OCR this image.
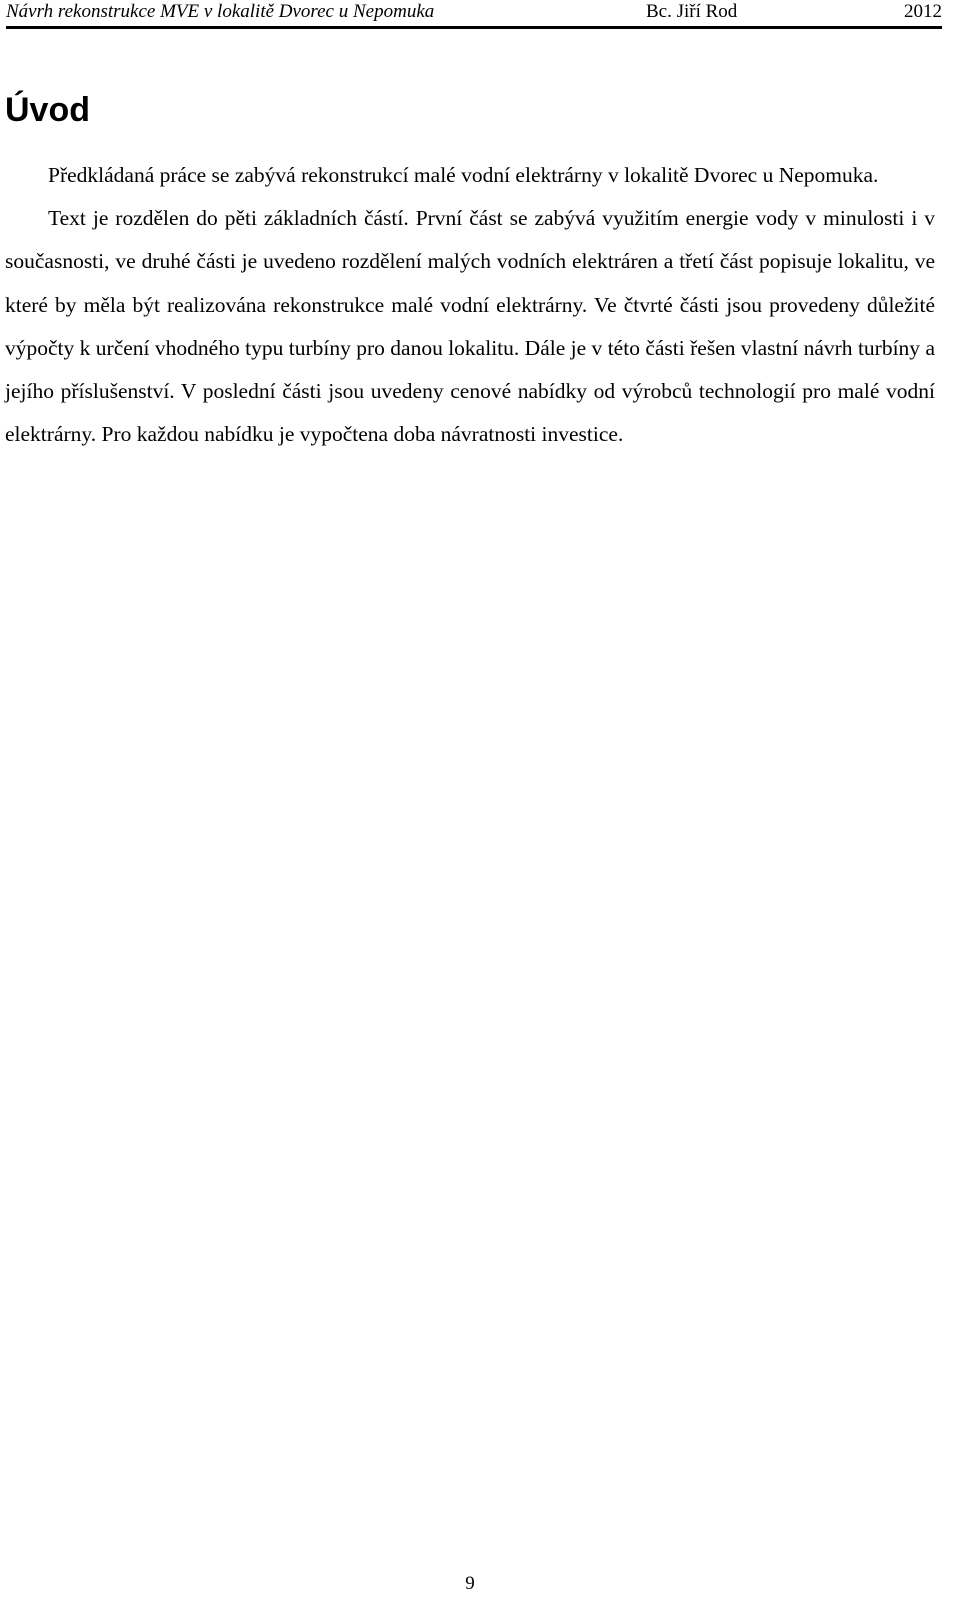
Návrh rekonstrukce MVE v lokalitě Dvorec u Nepomuka	Bc. Jiří Rod	2012
Úvod

Předkládaná práce se zabývá rekonstrukcí malé vodní elektrárny v lokalitě Dvorec u Nepomuka.

Text je rozdělen do pěti základních částí. První část se zabývá využitím energie vody v minulosti i v současnosti, ve druhé části je uvedeno rozdělení malých vodních elektráren a třetí část popisuje lokalitu, ve které by měla být realizována rekonstrukce malé vodní elektrárny. Ve čtvrté části jsou provedeny důležité výpočty k určení vhodného typu turbíny pro danou lokalitu. Dále je v této části řešen vlastní návrh turbíny a jejího příslušenství. V poslední části jsou uvedeny cenové nabídky od výrobců technologií pro malé vodní elektrárny. Pro každou nabídku je vypočtena doba návratnosti investice.

9
